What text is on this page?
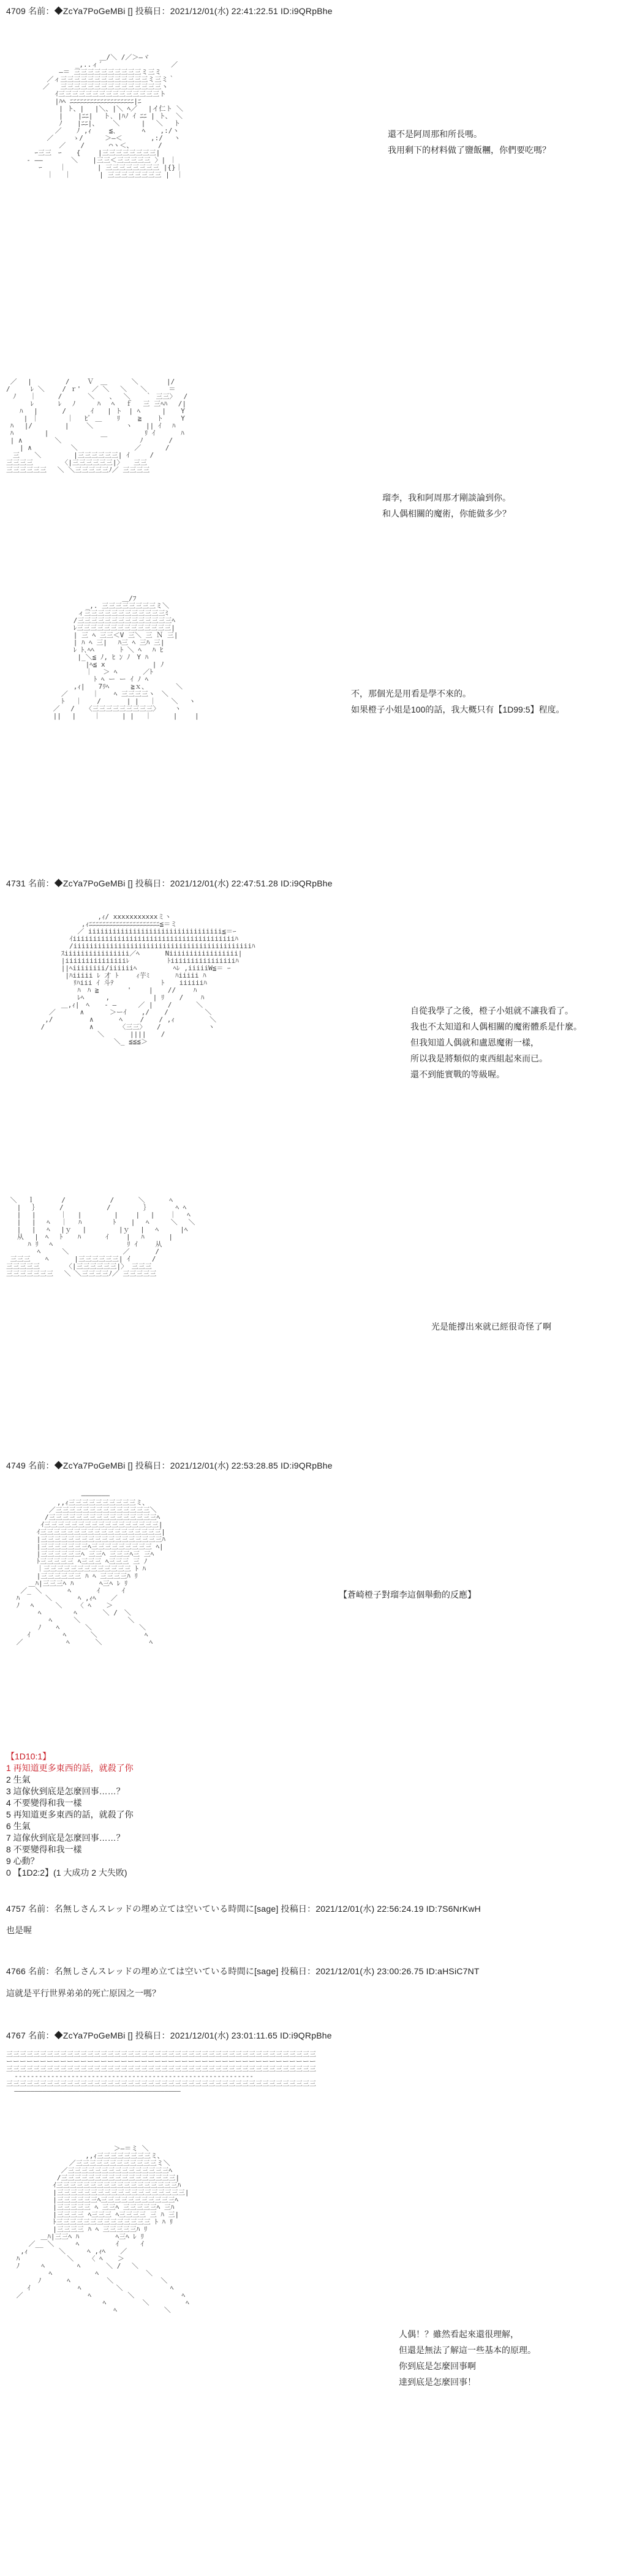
4709 名前：◆ZcYa7PoGeMBi [] 投稿日：2021/12/01(水) 22:41:22.51 ID:i9QRpBhe
＿/＼ /／＞―ヾ
_,..ィ´　　　　　　　 　　 ／
―＝ 三三三三三三三三三三ミ三ミ
／ィ三三三三三三三三三三三三三ミ三ミ｀
／ 　三三三三三三三三三三三三三三三ヽ
ｲ三三三三三三三三三三三三三三三ト
|ﾊﾍ ﾆﾆﾆﾆﾆﾆﾆﾆﾆﾆﾆﾆﾆﾆﾆﾆﾆﾆﾆ|ﾆ
| ト、|　 |＼、|＼ ﾍ／ 　|イ仁ト ＼
| 　 |ﾆﾆ|　 ト､ |ﾊﾉ ｲ ﾆﾆ | ト、 ＼
ﾉ　  |ﾆﾆ|、　　 ＼　 　 |　 ＼ 　ト
／ 　 ﾉ ,ｨ　　 ≦､ 　 　 ﾍ 　 ,:/ヽ
／ 　  ゝ/ 　　 ＞―＜　 　 　,:/ 　ヽ
／ 　 /　　　 ⌒ヽ＜、　　 　 /
ｰ三三　ｰ 　 {　　 |三三三三三三三三|
‐ ―― 　　　 ＼ 　 |三三＜三三三三三 〉| ｜
ｰ 　　｜　　　　 | 三三三三三三三三 |{}｜
｜　 ｜　 　　 | 三三三三三三三三 |　｜
還不是阿周那和所長嗎。
我用剩下的材料做了鹽飯糰，你們要吃嗎？
／ 　|　　　　　/　　 Ｖ　＿ 　　　＼ 　　　 |/
/　　　ﾚ ＼ 　　/ ｒ'　 ／ ＼　 ＼　　＼ 　　 ＝
　ﾉ　　｜ 　 　/ 　 　 ＼ 　 、　 ＼ 　 ｀ 三三〉　 /
　　　 ﾚ　　　 ﾚ　 ﾉ　 　 ﾊ　 ﾍ　 ｆ　 三 三ﾍﾊ　 /|
　　ﾊ　 |　　　 /　　　 ｲ　　| ト　| ﾍ　 　 | 　 Y
　　 | ｜ 　　　 ｜ 　ﾋﾞ ＿ 　 ﾘ　　 ≧ 　 ト　　 Y
ﾊ　 |/　 　 　 |　　 ＼　 　 　 ヽ　　|| ｲ　 ﾊ
ﾊ　　　 　|　　　　 　 　 　 　 　 　 ﾘ ｲ 　 　 ﾊ
| ∧ 　 　　 ＼ 　　　 　 ￣　 　 　 ﾉ 　 　 /
　　| ∧ 　　　 　 ＼ 　　　　 　 　 ／　　　 /
　三 　 ＼ 　　 　 |三三三三三三| ｲ　　　/
三三三三　　 　 〈|三三三三三三|〉　　三三
三三三三三三　 ＼ ＼三三三三三ﾉ／ 三三三三
瑠李，我和阿周那才剛談論到你。
和人偶相關的魔術，你能做多少？
＿/ﾌ
_,. 三三三三三三三三ミ＼
ィ三三三三三三三三三三三三ﾐ
/三三三三三三三三三三三三三三ﾍ
ﾚ三三三三三三三三三三三三三三|
| 三 ﾍ 三三＜V 三＼ 三 Ｎ 三|
| ﾊ ﾍ 三| 　ﾊ三 ﾍ 三ﾊ 三|
ﾚ ﾄ､ﾍﾍ 　 　 ﾄ ＼ ﾍ　 ﾊ ﾋ
|_＼≦ ﾉ, ﾋ ﾝ ﾉ　Y ﾊ
|ﾍ≦ x 　 　 　 　 | ﾉ
｜ 　＞ ﾍ 　 　 ／ﾄ
ﾄ ﾍ ー ー ｲ ﾉ ﾍ
,ｨ|　　7ﾘﾍ 　　 ≧ｘ、　　　　 ＼
／　　　 ｜ 　 ﾍ 三三三三ヽ　＼
ﾄ　 ｜ 　 / 　 　 | |　 ｜ 　 ＼　 ヽ
／　 /　 〈三三三三三三三三三〉 　 ヽ
||　 |　　 ｜　 　 | |　 ｜ 　 　|　　 |
不，那個光是用看是學不來的。
如果橙子小姐是100的話，我大概只有【1D99:5】程度。
4731 名前：◆ZcYa7PoGeMBi [] 投稿日：2021/12/01(水) 22:47:51.28 ID:i9QRpBhe
,ｨ/ xxxxxxxxxxxミヽ
,ｨﾆﾆﾆﾆﾆﾆﾆﾆﾆﾆﾆﾆﾆﾆﾆﾆﾆﾆﾆﾆﾆ≦＝ミ
／ iiiiiiiiiiiiiiiiiiiiiiiiiiiiiiiii≦＝ｰ
ｲiiiiiiiiiiiiiiiiiiiiiiiiiiiiiiiiiiiiiiiiﾊ
/iiiiiiiiiiiiiiiiiiiiiiiiiiiiiiiiiiiiiiiiiiiiﾊ
ｽiiiiiiiiiiiiiiii／ﾍ 　 　 Niiiiiiiiiiiiiiiii|
|iiiiiiiiiiiiiiiﾚ　　　　　 ﾄiiiiiiiiiiiiiiiiﾊ
||ﾍiiiiiiii/iiiiiiﾍ 　 　 　 ﾍﾚ ,iiiiiW≦＝ ｰ
|ﾊiiiii ﾚ 才 ﾄ　　 ｨ芋ﾐ 　 　 ﾊiiiii ﾊ
ﾘﾊiii ｲ 斗ﾃ 　 　 　 　 ﾄ 　 iiiiiiﾊ
ﾊ　ﾊ ≧　　 　 ' 　　| 　 //　 　ﾊ
ﾚﾍ 　　 ,　 　 　 　 | ﾘ 　 /　 　ﾊ
＿,ｨ|　ﾍ 　 ‐ ―　 　 ／ | 　 / 　　　＼
／　　　 ∧ 　 　 ＞ーｲ 　 ,/ 　 / 　 　 　 ＼
,/ 　 　 　 ∧ 　 　 ﾍ　　 / 　 / ,ｨ　　　 　 ＼
/　　　　　　 ∧ 　 　 〈三三〉 　/　　　　　　　ヽ
　　　 　 　 　 ＼ 　 　 |||| 　 /
＼_ ≦≦≦＞
自從我學了之後，橙子小姐就不讓我看了。
我也不太知道和人偶相關的魔術體系是什麼。
但我知道人偶就和盧恩魔術一樣，
所以我是將類似的東西組起來而已。
還不到能實戰的等級喔。
＼　 ｌ　　　　/　　　　　　 /　　　 ＼ 　　　ﾍ
　|　 ｝　　　 / 　　 　 　 /　 　 　 ｝ 　 　 ﾍ ﾍ
　|　 |　　　 ｜　 |　 　 　 |　　 |　 | 　 ｜　 ﾍ
　| 　|　 ﾍ　 ｜　 ﾊ　　　　 ﾄ 　 |　 ﾍ　 　 ＼　 ＼
　|　 |　 ﾍ　 |ｙ 　|　 　 　 |ｙ　 |　 ﾍ　 　 |ﾍ
　从　 |　ﾍ　 ﾄ 　 ﾊ　　　 ｲ 　　|　 ﾊ　　　 |
　　 ﾊ ﾘ　 ﾍ　　　 　 　 　 　 　ﾘ ｲ　　 从
　　　　ﾍ 　　 ＼ 　 　　 　 　 ／ 　 　 /
三三三 　 ﾍ 　 　 |三三三三三三| ｲ　 　 /
三三三三三 　 　 〈|三三三三三三|〉 三三三
三三三三三三三　 ＼ ＼三三三三ﾉ／ 三三三三三
光是能撐出來就已經很奇怪了啊
4749 名前：◆ZcYa7PoGeMBi [] 投稿日：2021/12/01(水) 22:53:28.85 ID:i9QRpBhe
―――――――
,,ｨ三三三三三三三三三三ミ、
／三三三三三三三三三三三三三三＼
/三三三三三三三三三三三三三三三三ﾍ
ｲ三三三三三三三三三三三三三三三三三|
ｲ三三三三三三三三三三三三三三三三三三|
|三三三三三三三三三三三三三三三三三三ﾊ
|三三三三三三三ﾍ三三三三三三三三三 ﾍ|
|三三三三三三ﾍ 三三ﾍ 三三三ﾍ三 三ﾍ
ﾄ三三三三三 ﾍ三三三 ﾍ三三三 三 ﾉ
｜三三三三三三三三三三三三三 ﾄ ﾊ
|三三三三三三 ﾊ ﾍ 三三三三ﾊ ﾘ
＿ﾊ|三三三ﾍ ﾊ 　 　 ﾍ三ﾍ ﾚ ﾘ
／_ ＼ 　 　 ﾍ 　 　 ｲ　 　 ｲ
ﾊ 　 　 ＼ 　 　 ﾍ ,ｨﾍ 　 ／
ﾉ　 ﾍ　 　 ＼ 　 〈 ﾍ 　 ＞
　 　 ﾍ　 　 　 ﾍ 　 　 ＼ /　＼
　 　 　 ﾍ　 　 ＼ 　 　 　 　 ＼
　 　 ﾉ 　 ﾍ 　 　 ＼ 　 　 　 　 ＼
　 ｲ　 　 　 ﾍ　　　 ＼ 　 　 　 　 ﾍ
／　 　 　 　 ﾍ 　 　 ＼ 　 　 　 　 ﾍ
【蒼崎橙子對瑠李這個舉動的反應】
【1D10:1】
1 再知道更多東西的話，就殺了你
2 生氣
3 這傢伙到底是怎麼回事……？
4 不要變得和我一樣
5 再知道更多東西的話，就殺了你
6 生氣
7 這傢伙到底是怎麼回事……？
8 不要變得和我一樣
9 心動？
0 【1D2:2】(1 大成功 2 大失敗)
4757 名前：名無しさんスレッドの埋め立ては空いている時間に[sage] 投稿日：2021/12/01(水) 22:56:24.19 ID:7S6NrKwH
也是喔
4766 名前：名無しさんスレッドの埋め立ては空いている時間に[sage] 投稿日：2021/12/01(水) 23:00:26.75 ID:aHSiC7NT
這就是平行世界弟弟的死亡原因之一嗎？
4767 名前：◆ZcYa7PoGeMBi [] 投稿日：2021/12/01(水) 23:01:11.65 ID:i9QRpBhe
三三三三三三三三三三三三三三三三三三三三三三三三三三三三三三三三三三三三三三三三三三三三三三
ーーーーーーーーーーーーーーーーーーーーーーーーーーーーーーーーーーーーーーーーーーーーーー
三三三三三三三三三三三三三三三三三三三三三三三三三三三三三三三三三三三三三三三三三三三三三三
‐‐‐‐‐‐‐‐‐‐‐‐‐‐‐‐‐‐‐‐‐‐‐‐‐‐‐‐‐‐‐‐‐‐‐‐‐‐‐‐‐‐‐‐‐‐‐‐‐‐‐‐‐‐‐‐‐‐‐
三三三三三三三三三三三三三三三三三三三三三三三三三三三三三三三三三三三三三三三三三三三三三三
―――――――――――――――――――――――――――――――――――――――――
＞―＝ミ ＼
,,ｨ三三三三三三三三ミ、
／三三三三三三三三三三三三ミ＼
／三三三三三三三三三三三三三三三ﾍ
/三三三三三三三三三三三三三三三三三|
ｲ三三三三三三三三三三三三三三三三三三ﾊ
|三三三三三三三三三三三三三三三三三三三|
|三三三三三三ﾍ三三三三三三三三三三三ﾍ
|三三三三三 ﾍ 三三ﾍ 三三三三三ﾍ 三ﾊ
|三三三三 ﾍ三三三 ﾍ三三三三 三 ﾊ 三|
ﾄ三三三三三三三三三三三三三三 ﾄ ﾊ ﾘ
|三三三三 ﾊ ﾍ 三三三三三ﾊ ﾘ
＿ﾊ|三三ﾍ ﾊ 　 　 　 ﾍ三ﾍ ﾚ ﾘ
／__ ＼ 　 　ﾍ 　 　 　 ｲ　 　 ｲ
,ｨ　　　 　＼　 　 ﾍ ,ｨﾍ 　 ／
ﾊ 　 　 　 　 ＼ 　 〈 ﾍ 　 ＞
ﾉ　 　 ﾍ　 　 　 ﾍ 　 　 ＼ /　 ＼
　 　 　 ﾍ　 　 　 　 ﾍ 　 　 　 　 ＼
　 　 ﾉ 　 　 ﾍ 　 　 　 ＼ 　 　 　 　 ＼
　 ｲ 　 　 　 　 ﾍ　　　 　 ＼ 　 　 　 　 ﾍ
／　 　 　 　 　 　 ﾍ 　 　 　 ＼ 　 　 　 　 ﾍ
　 　 　 　 　 　 　 　 ﾍ 　 　 　 ＼ 　 　 　 ﾍ
　 　 　 　 　 　 　 　 　 ﾍ 　 　 　 　 ＼
人偶！？雖然看起來還很理解，
但還是無法了解這一些基本的原理。
你到底是怎麼回事啊
達到底是怎麼回事！
